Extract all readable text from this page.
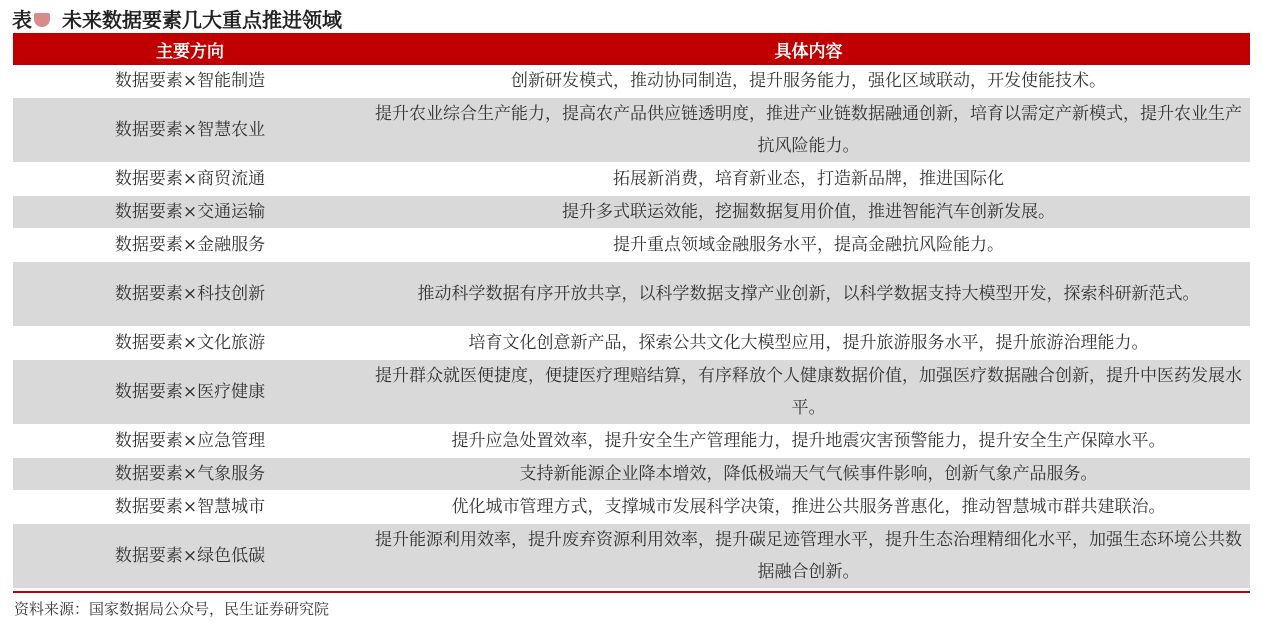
表 未来数据要素几大重点推进领域
主要方向	具体内容
数据要素×智能制造	创新研发模式，推动协同制造，提升服务能力，强化区域联动，开发使能技术。
数据要素×智慧农业	提升农业综合生产能力，提高农产品供应链透明度，推进产业链数据融通创新，培育以需定产新模式，提升农业生产抗风险能力。
数据要素×商贸流通	拓展新消费，培育新业态，打造新品牌，推进国际化
数据要素×交通运输	提升多式联运效能，挖掘数据复用价值，推进智能汽车创新发展。
数据要素×金融服务	提升重点领域金融服务水平，提高金融抗风险能力。
数据要素×科技创新	推动科学数据有序开放共享，以科学数据支撑产业创新，以科学数据支持大模型开发，探索科研新范式。
数据要素×文化旅游	培育文化创意新产品，探索公共文化大模型应用，提升旅游服务水平，提升旅游治理能力。
数据要素×医疗健康	提升群众就医便捷度，便捷医疗理赔结算，有序释放个人健康数据价值，加强医疗数据融合创新，提升中医药发展水平。
数据要素×应急管理	提升应急处置效率，提升安全生产管理能力，提升地震灾害预警能力，提升安全生产保障水平。
数据要素×气象服务	支持新能源企业降本增效，降低极端天气气候事件影响，创新气象产品服务。
数据要素×智慧城市	优化城市管理方式，支撑城市发展科学决策，推进公共服务普惠化，推动智慧城市群共建联治。
数据要素×绿色低碳	提升能源利用效率，提升废弃资源利用效率，提升碳足迹管理水平，提升生态治理精细化水平，加强生态环境公共数据融合创新。
资料来源：国家数据局公众号，民生证券研究院
